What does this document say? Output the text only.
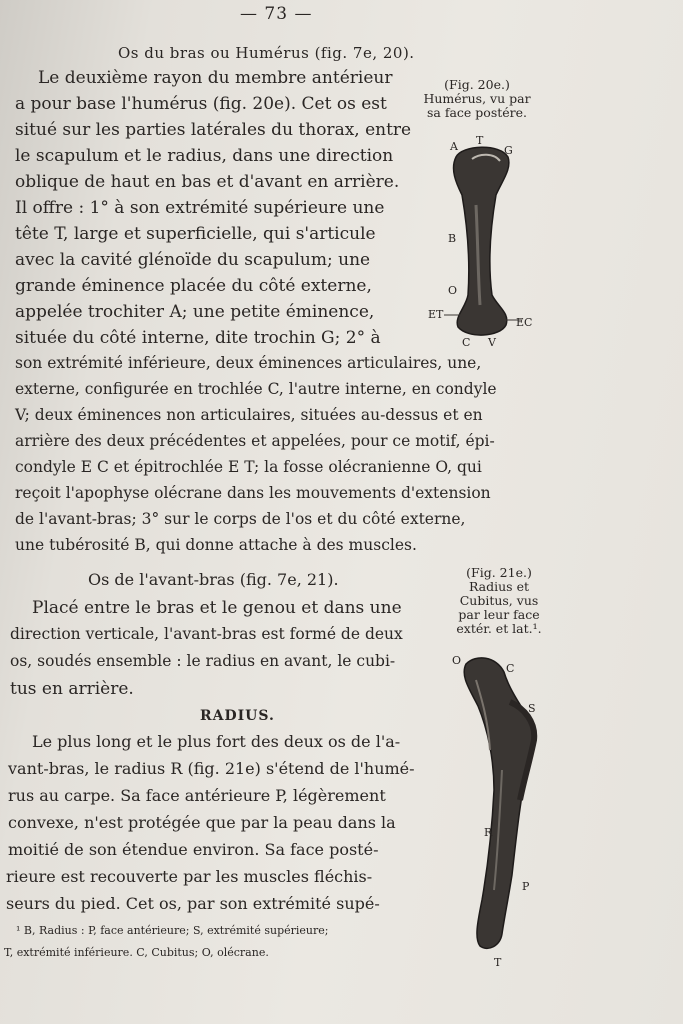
— 73 —
Os du bras ou Humérus (fig. 7e, 20).
(Fig. 20e.)
Humérus, vu par
sa face postére.
Le deuxième rayon du membre antérieur
a pour base l'humérus (fig. 20e). Cet os est
situé sur les parties latérales du thorax, entre
le scapulum et le radius, dans une direction
oblique de haut en bas et d'avant en arrière.
Il offre : 1° à son extrémité supérieure une
tête T, large et superficielle, qui s'articule
avec la cavité glénoïde du scapulum; une
grande éminence placée du côté externe,
appelée trochiter A; une petite éminence,
située du côté interne, dite trochin G; 2° à
son extrémité inférieure, deux éminences articulaires, une,
externe, configurée en trochlée C, l'autre interne, en condyle
V; deux éminences non articulaires, situées au-dessus et en
arrière des deux précédentes et appelées, pour ce motif, épi-
condyle E C et épitrochlée E T; la fosse olécranienne O, qui
reçoit l'apophyse olécrane dans les mouvements d'extension
de l'avant-bras; 3° sur le corps de l'os et du côté externe,
une tubérosité B, qui donne attache à des muscles.
A T
G
B
O
ET
EC
C V
Os de l'avant-bras (fig. 7e, 21).	(Fig. 21e.)
Radius et
Cubitus, vus
par leur face
extér. et lat.¹.
Placé entre le bras et le genou et dans une
direction verticale, l'avant-bras est formé de deux
os, soudés ensemble : le radius en avant, le cubi-
tus en arrière.
RADIUS.
Le plus long et le plus fort des deux os de l'a-
vant-bras, le radius R (fig. 21e) s'étend de l'humé-
rus au carpe. Sa face antérieure P, légèrement
convexe, n'est protégée que par la peau dans la
moitié de son étendue environ. Sa face posté-
rieure est recouverte par les muscles fléchis-
seurs du pied. Cet os, par son extrémité supé-
O
C
S
R
P
T
¹ B, Radius : P, face antérieure; S, extrémité supérieure;
T, extrémité inférieure. C, Cubitus; O, olécrane.
